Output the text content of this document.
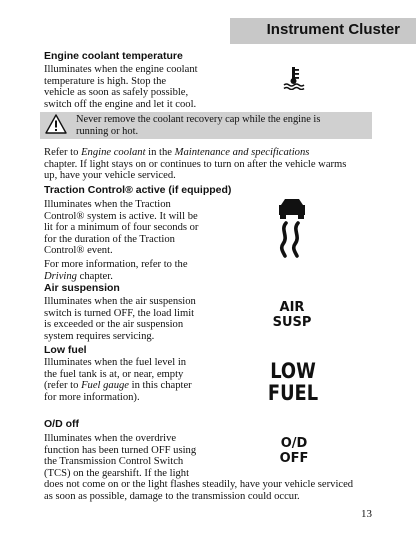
Instrument Cluster
Engine coolant temperature
Illuminates when the engine coolant
temperature is high. Stop the
vehicle as soon as safely possible,
switch off the engine and let it cool.
Never remove the coolant recovery cap while the engine is
running or hot.
Refer to Engine coolant in the Maintenance and specifications
chapter. If light stays on or continues to turn on after the vehicle warms
up, have your vehicle serviced.
Traction Control® active (if equipped)
Illuminates when the Traction
Control® system is active. It will be
lit for a minimum of four seconds or
for the duration of the Traction
Control® event.
For more information, refer to the
Driving chapter.
Air suspension
Illuminates when the air suspension
switch is turned OFF, the load limit
is exceeded or the air suspension
system requires servicing.
AIR
SUSP
Low fuel
Illuminates when the fuel level in
the fuel tank is at, or near, empty
(refer to Fuel gauge in this chapter
for more information).
LOW
FUEL
O/D off
Illuminates when the overdrive
function has been turned OFF using
the Transmission Control Switch
(TCS) on the gearshift. If the light
does not come on or the light flashes steadily, have your vehicle serviced
as soon as possible, damage to the transmission could occur.
O/D
OFF
13
